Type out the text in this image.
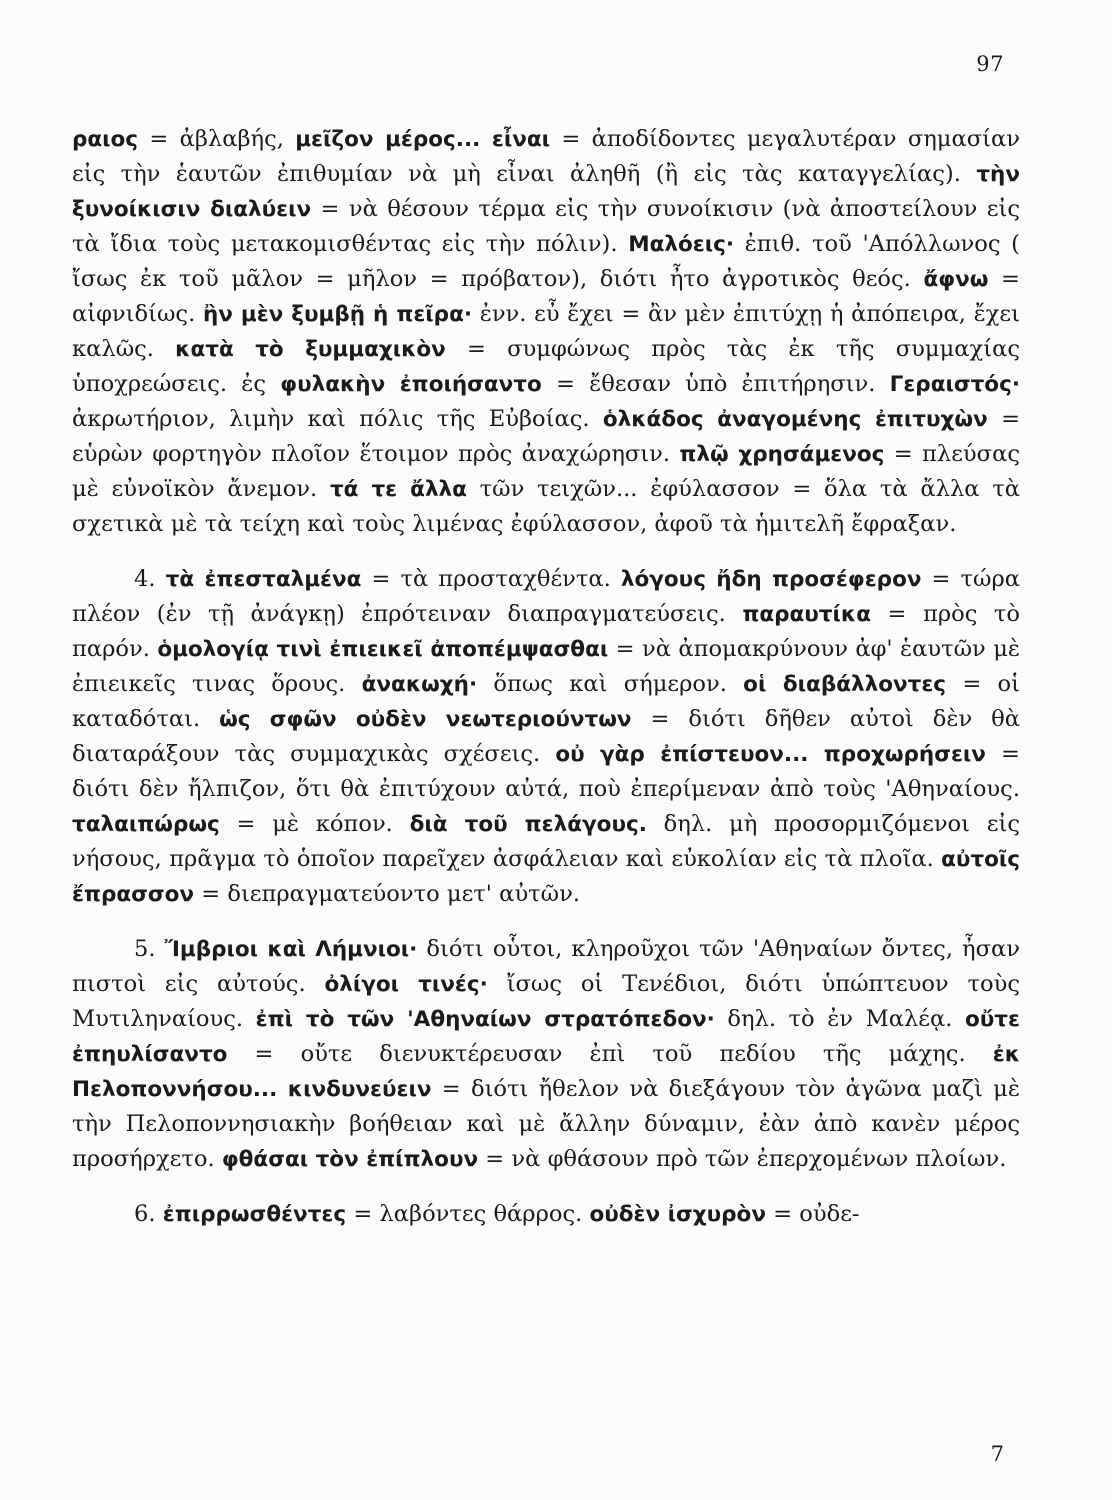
97

ραιος = ἀβλαβής, μεῖζον μέρος... εἶναι = ἀποδίδοντες μεγαλυτέραν σημασίαν εἰς τὴν ἑαυτῶν ἐπιθυμίαν νὰ μὴ εἶναι ἀληθῆ (ἢ εἰς τὰς καταγγελίας). τὴν ξυνοίκισιν διαλύειν = νὰ θέσουν τέρμα εἰς τὴν συνοίκισιν (νὰ ἀποστείλουν εἰς τὰ ἴδια τοὺς μετακομισθέντας εἰς τὴν πόλιν). Μαλόεις· ἐπιθ. τοῦ 'Απόλλωνος ( ἴσως ἐκ τοῦ μᾶλον = μῆλον = πρόβατον), διότι ἦτο ἀγροτικὸς θεός. ἄφνω = αἰφνιδίως. ἢν μὲν ξυμβῇ ἡ πεῖρα· ἐνν. εὖ ἔχει = ἂν μὲν ἐπιτύχῃ ἡ ἀπόπειρα, ἔχει καλῶς. κατὰ τὸ ξυμμαχικὸν = συμφώνως πρὸς τὰς ἐκ τῆς συμμαχίας ὑποχρεώσεις. ἐς φυλακὴν ἐποιήσαντο = ἔθεσαν ὑπὸ ἐπιτήρησιν. Γεραιστός· ἀκρωτήριον, λιμὴν καὶ πόλις τῆς Εὐβοίας. ὁλκάδος ἀναγομένης ἐπιτυχὼν = εὑρὼν φορτηγὸν πλοῖον ἕτοιμον πρὸς ἀναχώρησιν. πλῷ χρησάμενος = πλεύσας μὲ εὐνοϊκὸν ἄνεμον. τά τε ἄλλα τῶν τειχῶν... ἐφύλασσον = ὅλα τὰ ἄλλα τὰ σχετικὰ μὲ τὰ τείχη καὶ τοὺς λιμένας ἐφύλασσον, ἀφοῦ τὰ ἡμιτελῆ ἔφραξαν.

4. τὰ ἐπεσταλμένα = τὰ προσταχθέντα. λόγους ἤδη προσέφερον = τώρα πλέον (ἐν τῇ ἀνάγκῃ) ἐπρότειναν διαπραγματεύσεις. παραυτίκα = πρὸς τὸ παρόν. ὁμολογίᾳ τινὶ ἐπιεικεῖ ἀποπέμψασθαι = νὰ ἀπομακρύνουν ἀφ' ἑαυτῶν μὲ ἐπιεικεῖς τινας ὅρους. ἀνακωχή· ὅπως καὶ σήμερον. οἱ διαβάλλοντες = οἱ καταδόται. ὡς σφῶν οὐδὲν νεωτεριούντων = διότι δῆθεν αὐτοὶ δὲν θὰ διαταράξουν τὰς συμμαχικὰς σχέσεις. οὐ γὰρ ἐπίστευον... προχωρήσειν = διότι δὲν ἤλπιζον, ὅτι θὰ ἐπιτύχουν αὐτά, ποὺ ἐπερίμεναν ἀπὸ τοὺς 'Αθηναίους. ταλαιπώρως = μὲ κόπον. διὰ τοῦ πελάγους. δηλ. μὴ προσορμιζόμενοι εἰς νήσους, πρᾶγμα τὸ ὁποῖον παρεῖχεν ἀσφάλειαν καὶ εὐκολίαν εἰς τὰ πλοῖα. αὐτοῖς ἔπρασσον = διεπραγματεύοντο μετ' αὐτῶν.

5. Ἴμβριοι καὶ Λήμνιοι· διότι οὗτοι, κληροῦχοι τῶν 'Αθηναίων ὄντες, ἦσαν πιστοὶ εἰς αὐτούς. ὀλίγοι τινές· ἴσως οἱ Τενέδιοι, διότι ὑπώπτευον τοὺς Μυτιληναίους. ἐπὶ τὸ τῶν 'Αθηναίων στρατόπεδον· δηλ. τὸ ἐν Μαλέᾳ. οὔτε ἐπηυλίσαντο = οὔτε διενυκτέρευσαν ἐπὶ τοῦ πεδίου τῆς μάχης. ἐκ Πελοποννήσου... κινδυνεύειν = διότι ἤθελον νὰ διεξάγουν τὸν ἀγῶνα μαζὶ μὲ τὴν Πελοποννησιακὴν βοήθειαν καὶ μὲ ἄλλην δύναμιν, ἐὰν ἀπὸ κανὲν μέρος προσήρχετο. φθάσαι τὸν ἐπίπλουν = νὰ φθάσουν πρὸ τῶν ἐπερχομένων πλοίων.

6. ἐπιρρωσθέντες = λαβόντες θάρρος. οὐδὲν ἰσχυρὸν = οὐδε-

7
